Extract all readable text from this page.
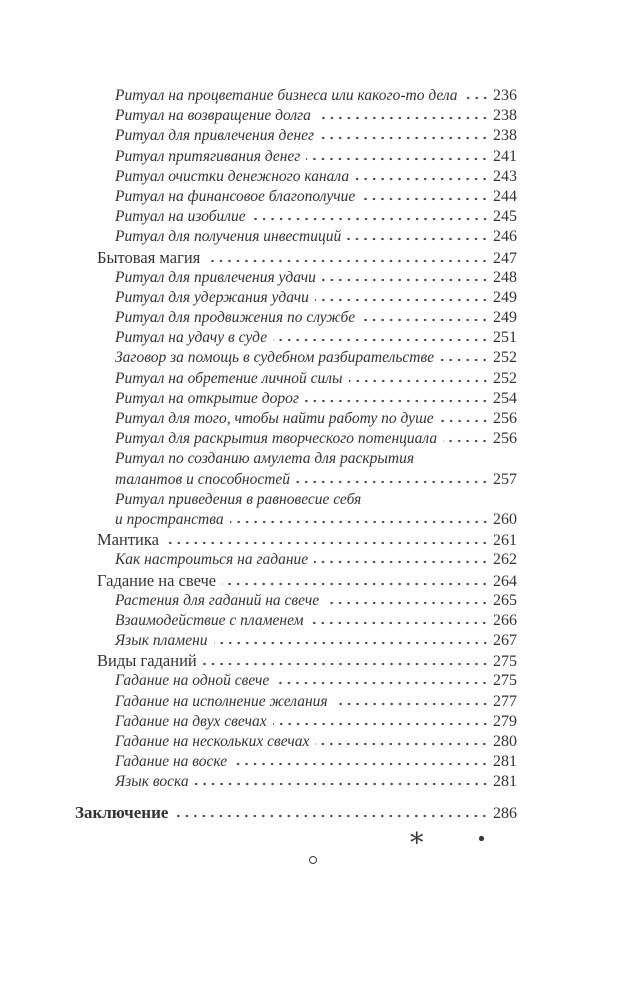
Ритуал на процветание бизнеса или какого-то дела 236
Ритуал на возвращение долга	238
Ритуал для привлечения денег	238
Ритуал притягивания денег	241
Ритуал очистки денежного канала	243
Ритуал на финансовое благополучие	244
Ритуал на изобилие	245
Ритуал для получения инвестиций	246
Бытовая магия	247
Ритуал для привлечения удачи	248
Ритуал для удержания удачи	249
Ритуал для продвижения по службе	249
Ритуал на удачу в суде	251
Заговор за помощь в судебном разбирательстве	252
Ритуал на обретение личной силы	252
Ритуал на открытие дорог	254
Ритуал для того, чтобы найти работу по душе	256
Ритуал для раскрытия творческого потенциала	256
Ритуал по созданию амулета для раскрытия
талантов и способностей	257
Ритуал приведения в равновесие себя
и пространства	260
Мантика	261
Как настроиться на гадание	262
Гадание на свече	264
Растения для гаданий на свече	265
Взаимодействие с пламенем	266
Язык пламени	267
Виды гаданий	275
Гадание на одной свече	275
Гадание на исполнение желания	277
Гадание на двух свечах	279
Гадание на нескольких свечах	280
Гадание на воске	281
Язык воска	281
Заключение	286
*
